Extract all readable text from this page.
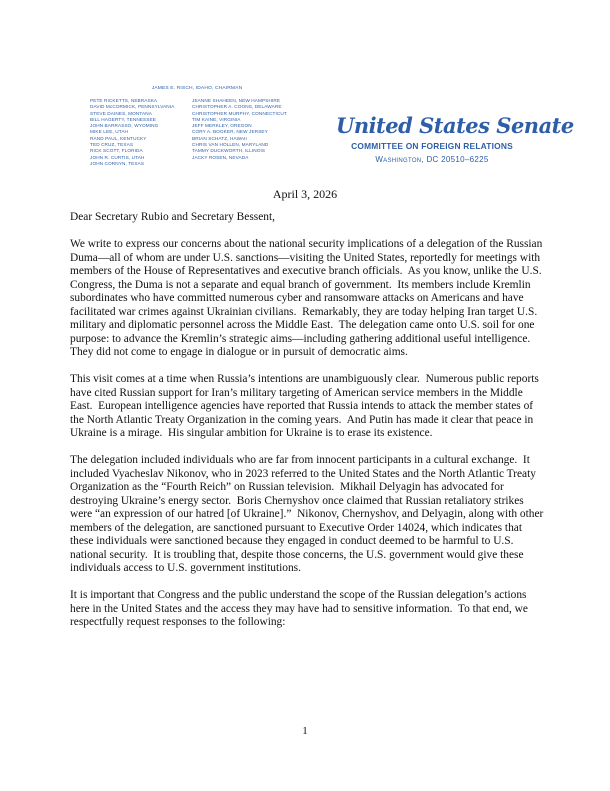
JAMES E. RISCH, IDAHO, CHAIRMAN
PETE RICKETTS, NEBRASKA
DAVID McCORMICK, PENNSYLVANIA
STEVE DAINES, MONTANA
BILL HAGERTY, TENNESSEE
JOHN BARRASSO, WYOMING
MIKE LEE, UTAH
RAND PAUL, KENTUCKY
TED CRUZ, TEXAS
RICK SCOTT, FLORIDA
JOHN R. CURTIS, UTAH
JOHN CORNYN, TEXAS
JEANNE SHAHEEN, NEW HAMPSHIRE
CHRISTOPHER A. COONS, DELAWARE
CHRISTOPHER MURPHY, CONNECTICUT
TIM KAINE, VIRGINIA
JEFF MERKLEY, OREGON
CORY A. BOOKER, NEW JERSEY
BRIAN SCHATZ, HAWAII
CHRIS VAN HOLLEN, MARYLAND
TAMMY DUCKWORTH, ILLINOIS
JACKY ROSEN, NEVADA
United States Senate
COMMITTEE ON FOREIGN RELATIONS
Washington, DC 20510–6225
April 3, 2026
Dear Secretary Rubio and Secretary Bessent,

We write to express our concerns about the national security implications of a delegation of the Russian Duma—all of whom are under U.S. sanctions—visiting the United States, reportedly for meetings with members of the House of Representatives and executive branch officials.  As you know, unlike the U.S. Congress, the Duma is not a separate and equal branch of government.  Its members include Kremlin subordinates who have committed numerous cyber and ransomware attacks on Americans and have facilitated war crimes against Ukrainian civilians.  Remarkably, they are today helping Iran target U.S. military and diplomatic personnel across the Middle East.  The delegation came onto U.S. soil for one purpose: to advance the Kremlin’s strategic aims—including gathering additional useful intelligence.  They did not come to engage in dialogue or in pursuit of democratic aims.

This visit comes at a time when Russia’s intentions are unambiguously clear.  Numerous public reports have cited Russian support for Iran’s military targeting of American service members in the Middle East.  European intelligence agencies have reported that Russia intends to attack the member states of the North Atlantic Treaty Organization in the coming years.  And Putin has made it clear that peace in Ukraine is a mirage.  His singular ambition for Ukraine is to erase its existence.

The delegation included individuals who are far from innocent participants in a cultural exchange.  It included Vyacheslav Nikonov, who in 2023 referred to the United States and the North Atlantic Treaty Organization as the “Fourth Reich” on Russian television.  Mikhail Delyagin has advocated for destroying Ukraine’s energy sector.  Boris Chernyshov once claimed that Russian retaliatory strikes were “an expression of our hatred [of Ukraine].”  Nikonov, Chernyshov, and Delyagin, along with other members of the delegation, are sanctioned pursuant to Executive Order 14024, which indicates that these individuals were sanctioned because they engaged in conduct deemed to be harmful to U.S. national security.  It is troubling that, despite those concerns, the U.S. government would give these individuals access to U.S. government institutions.

It is important that Congress and the public understand the scope of the Russian delegation’s actions here in the United States and the access they may have had to sensitive information.  To that end, we respectfully request responses to the following:

1
